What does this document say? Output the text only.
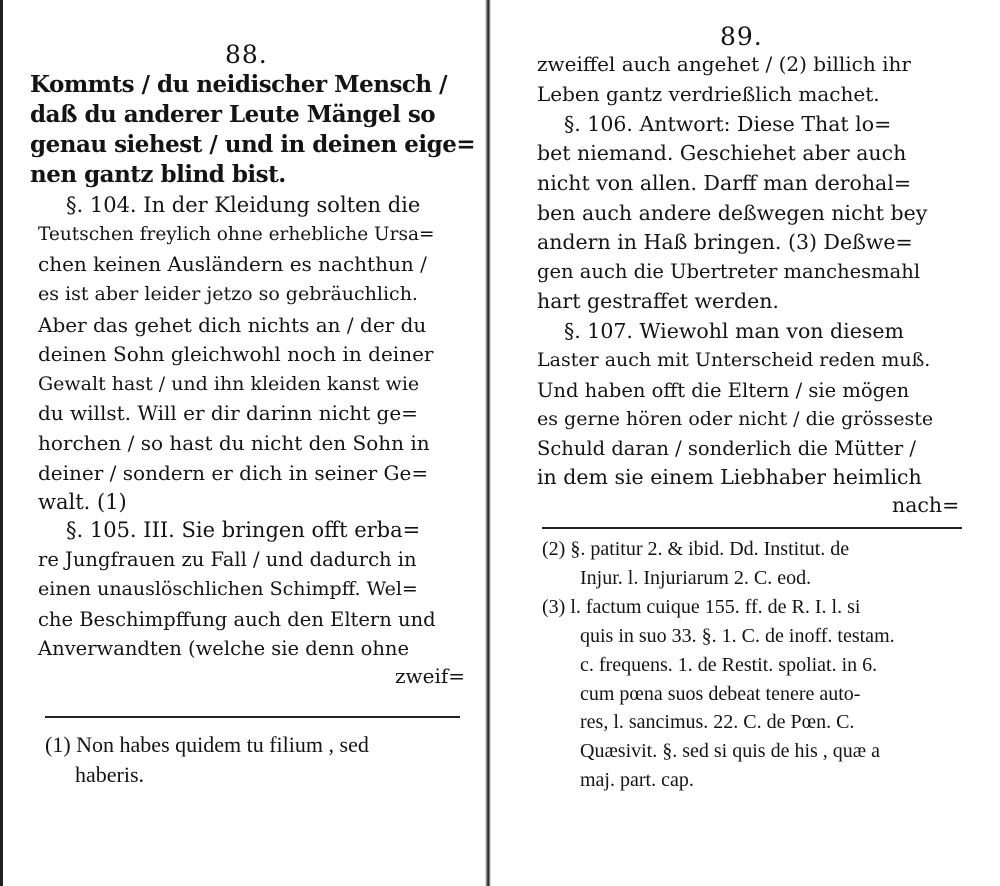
88.
Kommts / du neidischer Mensch /
daß du anderer Leute Mängel so
genau siehest / und in deinen eige=
nen gantz blind bist.
§. 104. In der Kleidung solten die
Teutschen freylich ohne erhebliche Ursa=
chen keinen Ausländern es nachthun /
es ist aber leider jetzo so gebräuchlich.
Aber das gehet dich nichts an / der du
deinen Sohn gleichwohl noch in deiner
Gewalt hast / und ihn kleiden kanst wie
du willst. Will er dir darinn nicht ge=
horchen / so hast du nicht den Sohn in
deiner / sondern er dich in seiner Ge=
walt. (1)
§. 105. III. Sie bringen offt erba=
re Jungfrauen zu Fall / und dadurch in
einen unauslöschlichen Schimpff. Wel=
che Beschimpffung auch den Eltern und
Anverwandten (welche sie denn ohne
zweif=
(1) Non habes quidem tu filium , sed
haberis.
89.
zweiffel auch angehet / (2) billich ihr
Leben gantz verdrießlich machet.
§. 106. Antwort: Diese That lo=
bet niemand. Geschiehet aber auch
nicht von allen. Darff man derohal=
ben auch andere deßwegen nicht bey
andern in Haß bringen. (3) Deßwe=
gen auch die Ubertreter manchesmahl
hart gestraffet werden.
§. 107. Wiewohl man von diesem
Laster auch mit Unterscheid reden muß.
Und haben offt die Eltern / sie mögen
es gerne hören oder nicht / die grösseste
Schuld daran / sonderlich die Mütter /
in dem sie einem Liebhaber heimlich
nach=
(2) §. patitur 2. & ibid. Dd. Institut. de
Injur. l. Injuriarum 2. C. eod.
(3) l. factum cuique 155. ff. de R. I. l. si
quis in suo 33. §. 1. C. de inoff. testam.
c. frequens. 1. de Restit. spoliat. in 6.
cum pœna suos debeat tenere auto-
res, l. sancimus. 22. C. de Pœn. C.
Quæsivit. §. sed si quis de his , quæ a
maj. part. cap.
